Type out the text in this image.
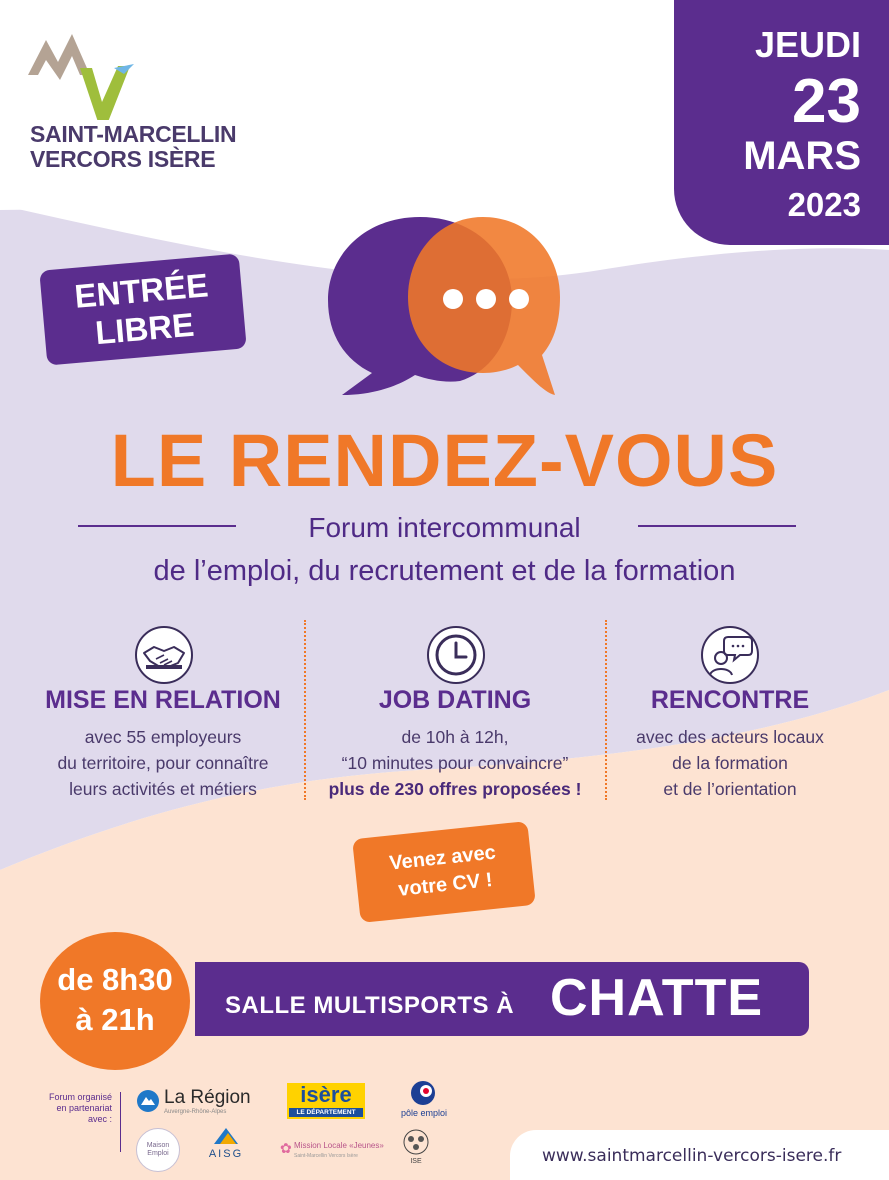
SAINT-MARCELLIN
VERCORS ISÈRE
JEUDI
23
MARS
2023
ENTRÉE
LIBRE
LE RENDEZ-VOUS
Forum intercommunal
de l’emploi, du recrutement et de la formation
MISE EN RELATION
avec 55 employeurs
du territoire, pour connaître
leurs activités et métiers
JOB DATING
de 10h à 12h,
“10 minutes pour convaincre”
plus de 230 offres proposées !
RENCONTRE
avec des acteurs locaux
de la formation
et de l’orientation
Venez avec
votre CV !
SALLE MULTISPORTS À CHATTE
de 8h30
à 21h
Forum organisé
en partenariat
avec :
La Région
Auvergne-Rhône-Alpes
isère
LE DÉPARTEMENT	pôle emploi
Maison Emploi	AISG	✿ Mission Locale «Jeunes»
Saint-Marcellin Vercors Isère
ISE	www.saintmarcellin-vercors-isere.fr
